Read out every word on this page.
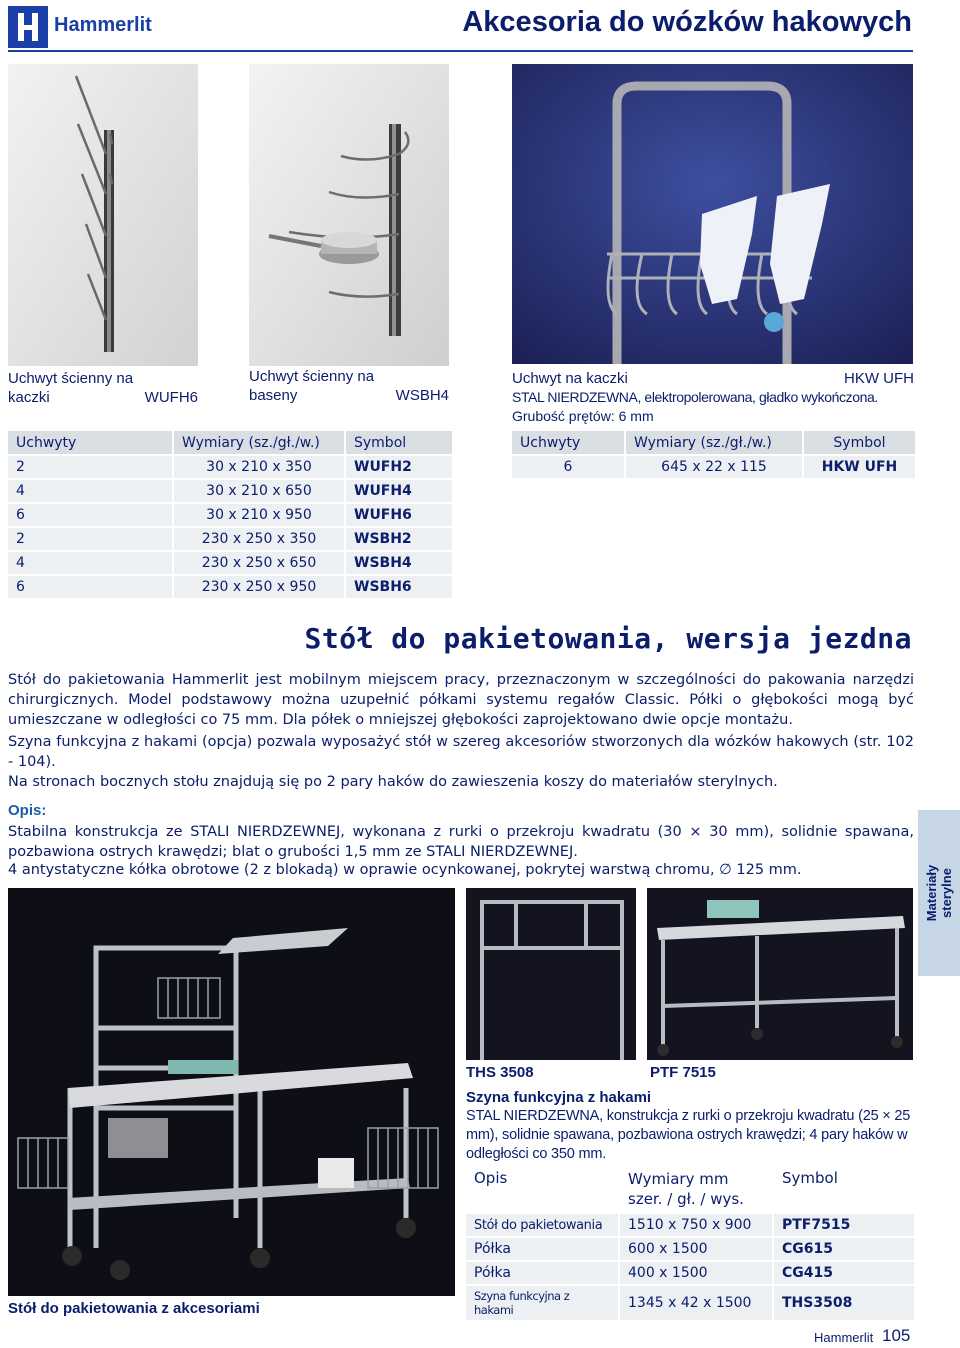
Hammerlit	Akcesoria do wózków hakowych
Uchwyt ścienny na
kaczki	WUFH6
Uchwyt ścienny na
baseny	WSBH4
Uchwyt na kaczki	HKW UFH
STAL NIERDZEWNA, elektropolerowana, gładko wykończona.
Grubość prętów: 6 mm
Uchwyty	Wymiary (sz./gł./w.)	Symbol
2	30 x 210 x 350	WUFH2
4	30 x 210 x 650	WUFH4
6	30 x 210 x 950	WUFH6
2	230 x 250 x 350	WSBH2
4	230 x 250 x 650	WSBH4
6	230 x 250 x 950	WSBH6
Uchwyty	Wymiary (sz./gł./w.)	Symbol
6	645 x 22 x 115	HKW UFH
Stół do pakietowania, wersja jezdna
Stół do pakietowania Hammerlit jest mobilnym miejscem pracy, przeznaczonym w szczególności do pakowania narzędzi chirurgicznych. Model podstawowy można uzupełnić półkami systemu regałów Classic. Półki o głębokości mogą być umieszczane w odległości co 75 mm. Dla półek o mniejszej głębokości zaprojektowano dwie opcje montażu.
Szyna funkcyjna z hakami (opcja) pozwala wyposażyć stół w szereg akcesoriów stworzonych dla wózków hakowych (str. 102 - 104).
Na stronach bocznych stołu znajdują się po 2 pary haków do zawieszenia koszy do materiałów sterylnych.
Opis:
Stabilna konstrukcja ze STALI NIERDZEWNEJ, wykonana z rurki o przekroju kwadratu (30 × 30 mm), solidnie spawana, pozbawiona ostrych krawędzi; blat o grubości 1,5 mm ze STALI NIERDZEWNEJ.
4 antystatyczne kółka obrotowe (2 z blokadą) w oprawie ocynkowanej, pokrytej warstwą chromu, ∅ 125 mm.	Materiały
sterylne
THS 3508	PTF 7515
Szyna funkcyjna z hakami
STAL NIERDZEWNA, konstrukcja z rurki o przekroju kwadratu (25 × 25 mm), solidnie spawana, pozbawiona ostrych krawędzi; 4 pary haków w odległości co 350 mm.
Opis	Wymiary mm szer. / gł. / wys.	Symbol
Stół do pakietowania	1510 x 750 x 900	PTF7515
Półka	600 x 1500	CG615
Półka	400 x 1500	CG415
Szyna funkcyjna z hakami	1345 x 42 x 1500	THS3508
Stół do pakietowania z akcesoriami
Hammerlit 105
